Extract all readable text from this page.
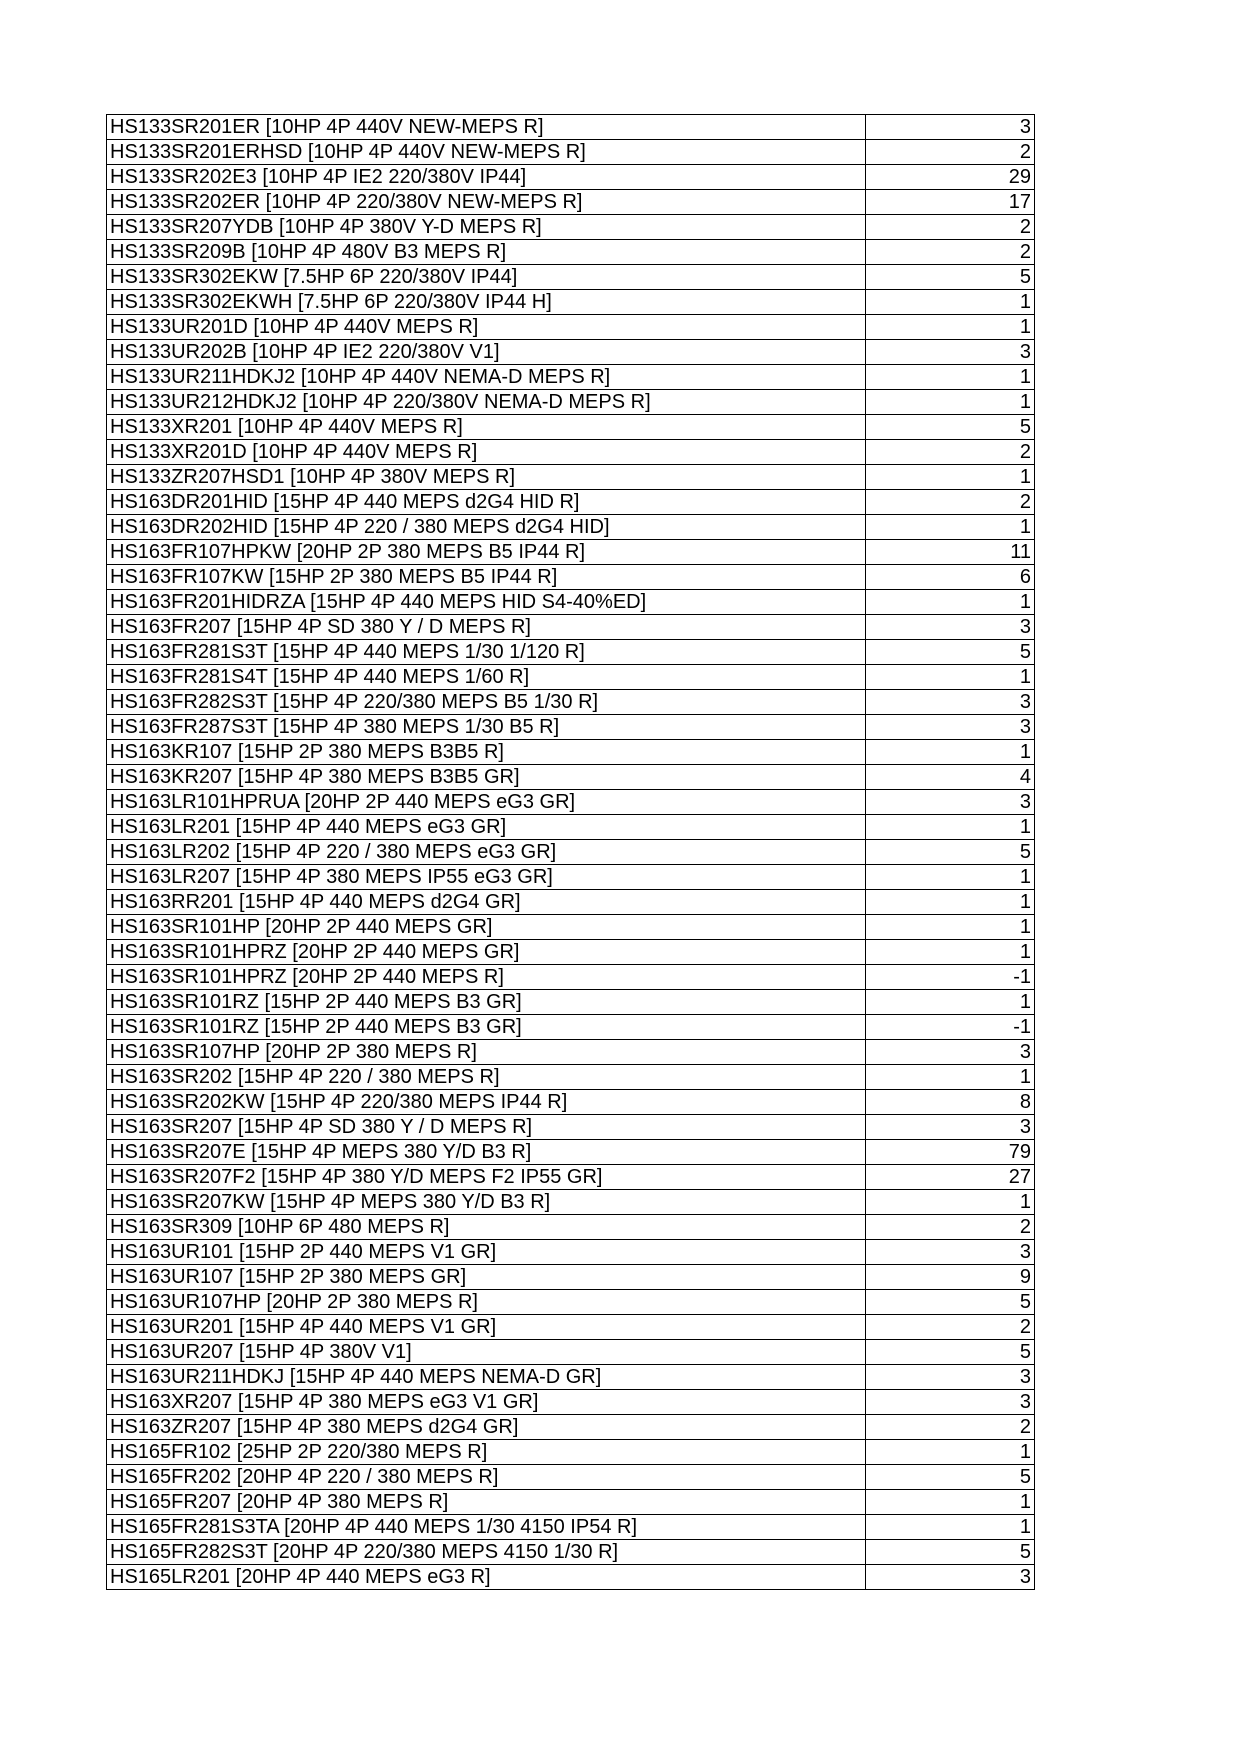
HS133SR201ER [10HP 4P 440V NEW-MEPS R]	3
HS133SR201ERHSD [10HP 4P 440V NEW-MEPS R]	2
HS133SR202E3 [10HP 4P IE2 220/380V IP44]	29
HS133SR202ER [10HP 4P 220/380V NEW-MEPS R]	17
HS133SR207YDB [10HP 4P 380V Y-D MEPS R]	2
HS133SR209B [10HP 4P 480V B3 MEPS R]	2
HS133SR302EKW [7.5HP 6P 220/380V IP44]	5
HS133SR302EKWH [7.5HP 6P 220/380V IP44 H]	1
HS133UR201D [10HP 4P 440V MEPS R]	1
HS133UR202B [10HP 4P IE2 220/380V V1]	3
HS133UR211HDKJ2 [10HP 4P 440V NEMA-D MEPS R]	1
HS133UR212HDKJ2 [10HP 4P 220/380V NEMA-D MEPS R]	1
HS133XR201 [10HP 4P 440V MEPS R]	5
HS133XR201D [10HP 4P 440V MEPS R]	2
HS133ZR207HSD1 [10HP 4P 380V MEPS R]	1
HS163DR201HID [15HP 4P 440 MEPS d2G4 HID R]	2
HS163DR202HID [15HP 4P 220 / 380 MEPS d2G4 HID]	1
HS163FR107HPKW [20HP 2P 380 MEPS B5 IP44 R]	11
HS163FR107KW [15HP 2P 380 MEPS B5 IP44 R]	6
HS163FR201HIDRZA [15HP 4P 440 MEPS HID S4-40%ED]	1
HS163FR207 [15HP 4P SD 380 Y / D MEPS R]	3
HS163FR281S3T [15HP 4P 440 MEPS 1/30 1/120 R]	5
HS163FR281S4T [15HP 4P 440 MEPS 1/60 R]	1
HS163FR282S3T [15HP 4P 220/380 MEPS B5 1/30 R]	3
HS163FR287S3T [15HP 4P 380 MEPS 1/30 B5 R]	3
HS163KR107 [15HP 2P 380 MEPS B3B5 R]	1
HS163KR207 [15HP 4P 380 MEPS B3B5 GR]	4
HS163LR101HPRUA [20HP 2P 440 MEPS eG3 GR]	3
HS163LR201 [15HP 4P 440 MEPS eG3 GR]	1
HS163LR202 [15HP 4P 220 / 380 MEPS eG3 GR]	5
HS163LR207 [15HP 4P 380 MEPS IP55 eG3 GR]	1
HS163RR201 [15HP 4P 440 MEPS d2G4 GR]	1
HS163SR101HP [20HP 2P 440 MEPS GR]	1
HS163SR101HPRZ [20HP 2P 440 MEPS GR]	1
HS163SR101HPRZ [20HP 2P 440 MEPS R]	-1
HS163SR101RZ [15HP 2P 440 MEPS B3 GR]	1
HS163SR101RZ [15HP 2P 440 MEPS B3 GR]	-1
HS163SR107HP [20HP 2P 380 MEPS R]	3
HS163SR202 [15HP 4P 220 / 380 MEPS R]	1
HS163SR202KW [15HP 4P 220/380 MEPS IP44 R]	8
HS163SR207 [15HP 4P SD 380 Y / D MEPS R]	3
HS163SR207E [15HP 4P MEPS 380 Y/D B3 R]	79
HS163SR207F2 [15HP 4P 380 Y/D MEPS F2 IP55 GR]	27
HS163SR207KW [15HP 4P MEPS 380 Y/D B3 R]	1
HS163SR309 [10HP 6P 480 MEPS R]	2
HS163UR101 [15HP 2P 440 MEPS V1 GR]	3
HS163UR107 [15HP 2P 380 MEPS GR]	9
HS163UR107HP [20HP 2P 380 MEPS R]	5
HS163UR201 [15HP 4P 440 MEPS V1 GR]	2
HS163UR207 [15HP 4P 380V V1]	5
HS163UR211HDKJ [15HP 4P 440 MEPS NEMA-D GR]	3
HS163XR207 [15HP 4P 380 MEPS eG3 V1 GR]	3
HS163ZR207 [15HP 4P 380 MEPS d2G4 GR]	2
HS165FR102 [25HP 2P 220/380 MEPS R]	1
HS165FR202 [20HP 4P 220 / 380 MEPS R]	5
HS165FR207 [20HP 4P 380 MEPS R]	1
HS165FR281S3TA [20HP 4P 440 MEPS 1/30 4150 IP54 R]	1
HS165FR282S3T [20HP 4P 220/380 MEPS 4150 1/30 R]	5
HS165LR201 [20HP 4P 440 MEPS eG3 R]	3
